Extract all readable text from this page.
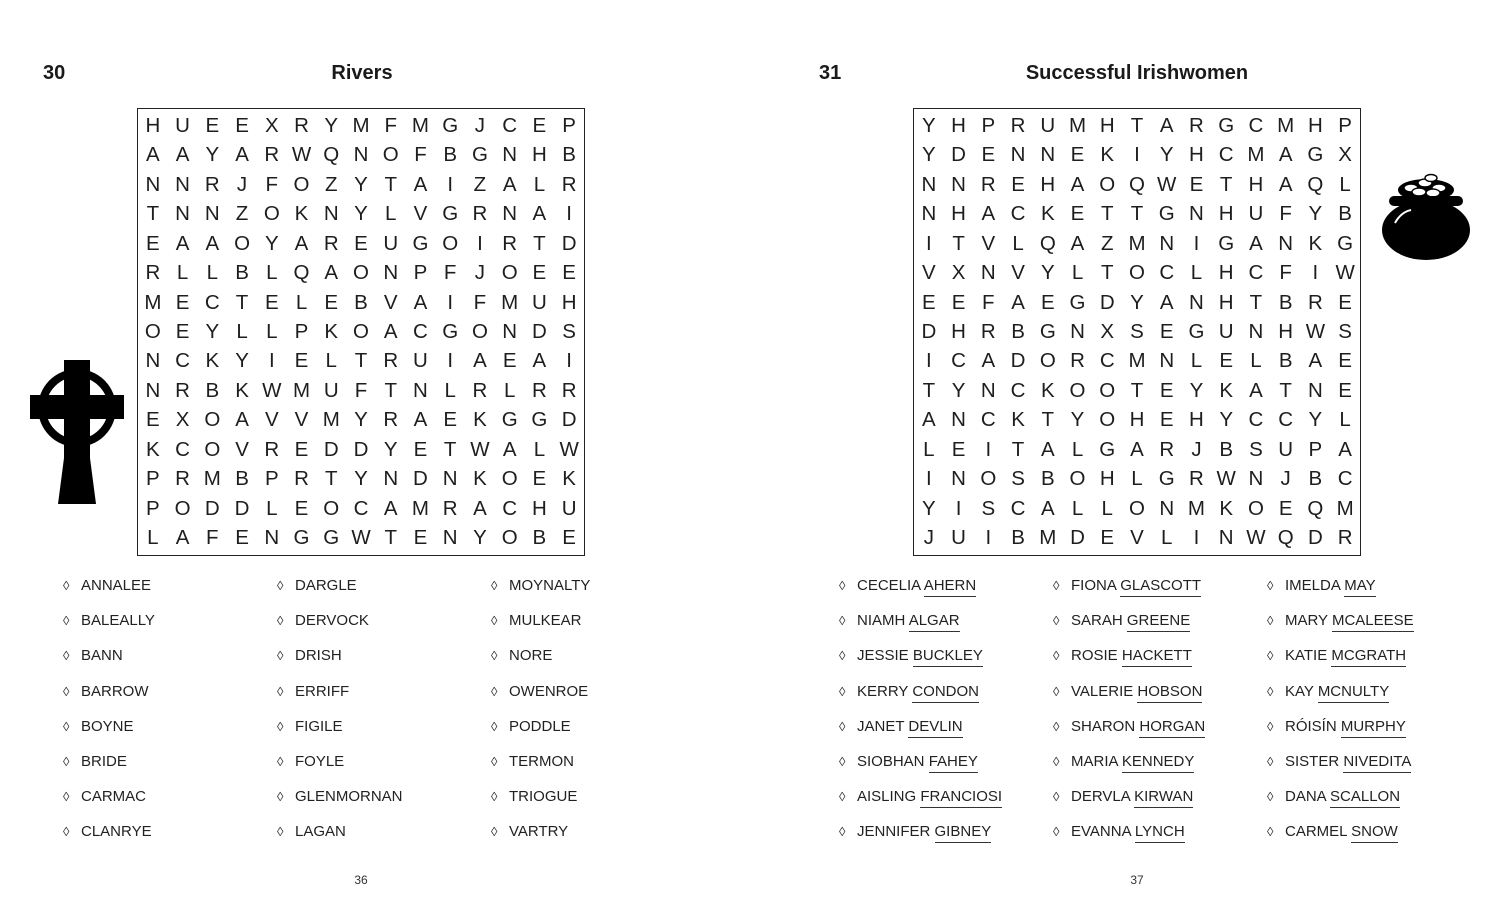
30	Rivers
H U E E X R Y M F M G J C E P
A A Y A R W Q N O F B G N H B
N N R J F O Z Y T A I	Z A L R
T N N Z O K N Y L V G R N A I
E A A O Y A R E U G O I R T D
R L L B L Q A O N P F J O E E
M E C T E L E B V A I	F M U H
O E Y L L P K O A C G O N D S
N C K Y I E L T R U I A E A I
N R B K W M U F T N L R L R R
E X O A V V M Y R A E K G G D
K C O V R E D D Y E T W A L W
P R M B P R T Y N D N K O E K
P O D D L E O C A M R A C H U
L A F E N G G W T E N Y O B E
◊ ANNALEE
◊ BALEALLY
◊ BANN
◊ BARROW
◊ BOYNE
◊ BRIDE
◊ CARMAC
◊ CLANRYE
◊ DARGLE
◊ DERVOCK
◊ DRISH
◊ ERRIFF
◊ FIGILE
◊ FOYLE
◊ GLENMORNAN
◊ LAGAN
◊ MOYNALTY
◊ MULKEAR
◊ NORE
◊ OWENROE
◊ PODDLE
◊ TERMON
◊ TRIOGUE
◊ VARTRY
36
31	Successful Irishwomen
Y H P R U M H T A R G C M H P
Y D E N N E K I Y H C M A G X
N N R E H A O Q W E T H A Q L
N H A C K E T T G N H U F Y B
I	T V L Q A Z M N I G A N K G
V X N V Y L T O C L H C F	I W
E E F A E G D Y A N H T B R E
D H R B G N X S E G U N H W S
I C A D O R C M N L E L B A E
T Y N C K O O T E Y K A T N E
A N C K T Y O H E H Y C C Y L
L E I	T A L G A R J B S U P A
I N O S B O H L G R W N J B C
Y I S C A L L O N M K O E Q M
J U I B M D E V L	I N W Q D R
◊ CECELIA AHERN
◊ NIAMH ALGAR
◊ JESSIE BUCKLEY
◊ KERRY CONDON
◊ JANET DEVLIN
◊ SIOBHAN FAHEY
◊ AISLING FRANCIOSI
◊ JENNIFER GIBNEY
◊ FIONA GLASCOTT
◊ SARAH GREENE
◊ ROSIE HACKETT
◊ VALERIE HOBSON
◊ SHARON HORGAN
◊ MARIA KENNEDY
◊ DERVLA KIRWAN
◊ EVANNA LYNCH
◊ IMELDA MAY
◊ MARY MCALEESE
◊ KATIE MCGRATH
◊ KAY MCNULTY
◊ RÓISÍN MURPHY
◊ SISTER NIVEDITA
◊ DANA SCALLON
◊ CARMEL SNOW
37
